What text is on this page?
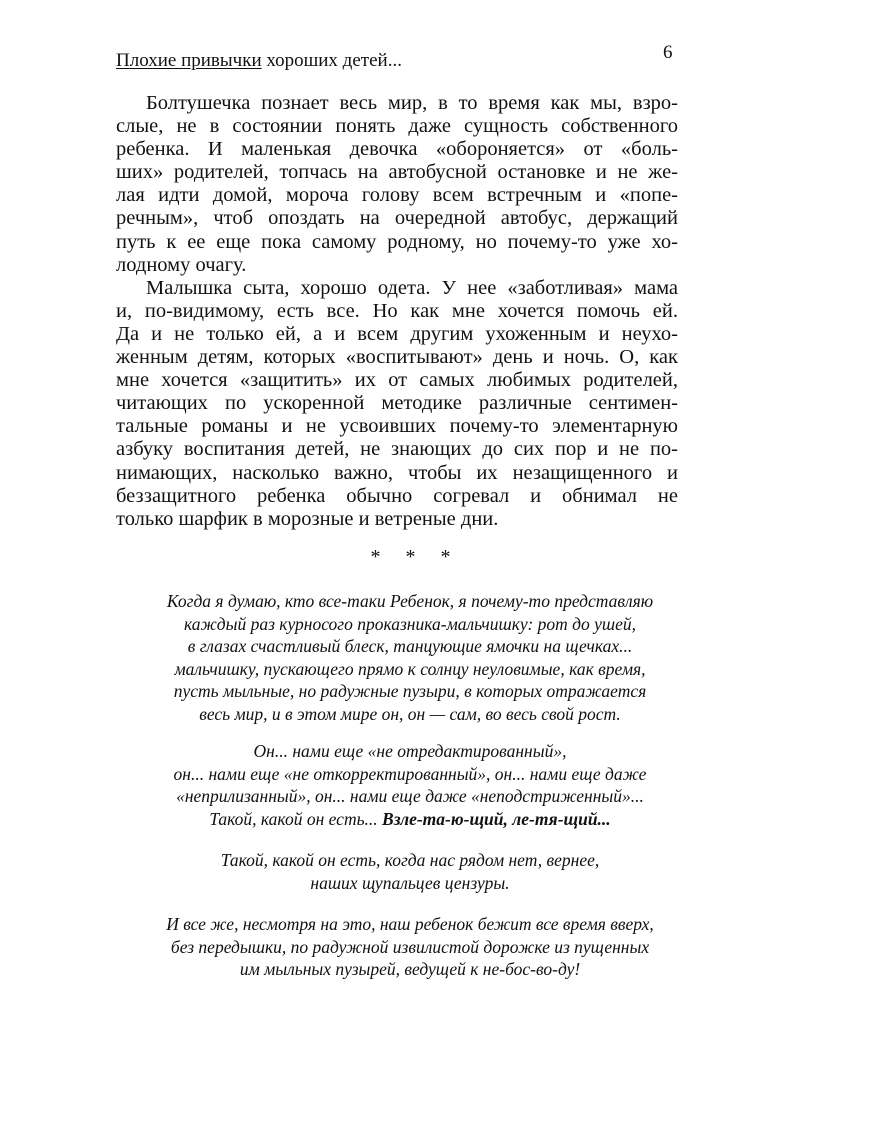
Плохие привычки хороших детей...	6
Болтушечка познает весь мир, в то время как мы, взро-
слые, не в состоянии понять даже сущность собственного
ребенка. И маленькая девочка «обороняется» от «боль-
ших» родителей, топчась на автобусной остановке и не же-
лая идти домой, мороча голову всем встречным и «попе-
речным», чтоб опоздать на очередной автобус, держащий
путь к ее еще пока самому родному, но почему-то уже хо-
лодному очагу.
Малышка сыта, хорошо одета. У нее «заботливая» мама
и, по-видимому, есть все. Но как мне хочется помочь ей.
Да и не только ей, а и всем другим ухоженным и неухо-
женным детям, которых «воспитывают» день и ночь. О, как
мне хочется «защитить» их от самых любимых родителей,
читающих по ускоренной методике различные сентимен-
тальные романы и не усвоивших почему-то элементарную
азбуку воспитания детей, не знающих до сих пор и не по-
нимающих, насколько важно, чтобы их незащищенного и
беззащитного ребенка обычно согревал и обнимал не
только шарфик в морозные и ветреные дни.
* * *
Когда я думаю, кто все-таки Ребенок, я почему-то представляю
каждый раз курносого проказника-мальчишку: рот до ушей,
в глазах счастливый блеск, танцующие ямочки на щечках...
мальчишку, пускающего прямо к солнцу неуловимые, как время,
пусть мыльные, но радужные пузыри, в которых отражается
весь мир, и в этом мире он, он — сам, во весь свой рост.
Он... нами еще «не отредактированный»,
он... нами еще «не откорректированный», он... нами еще даже
«неприлизанный», он... нами еще даже «неподстриженный»...
Такой, какой он есть... Взле-та-ю-щий, ле-тя-щий...
Такой, какой он есть, когда нас рядом нет, вернее,
наших щупальцев цензуры.
И все же, несмотря на это, наш ребенок бежит все время вверх,
без передышки, по радужной извилистой дорожке из пущенных
им мыльных пузырей, ведущей к не-бос-во-ду!
